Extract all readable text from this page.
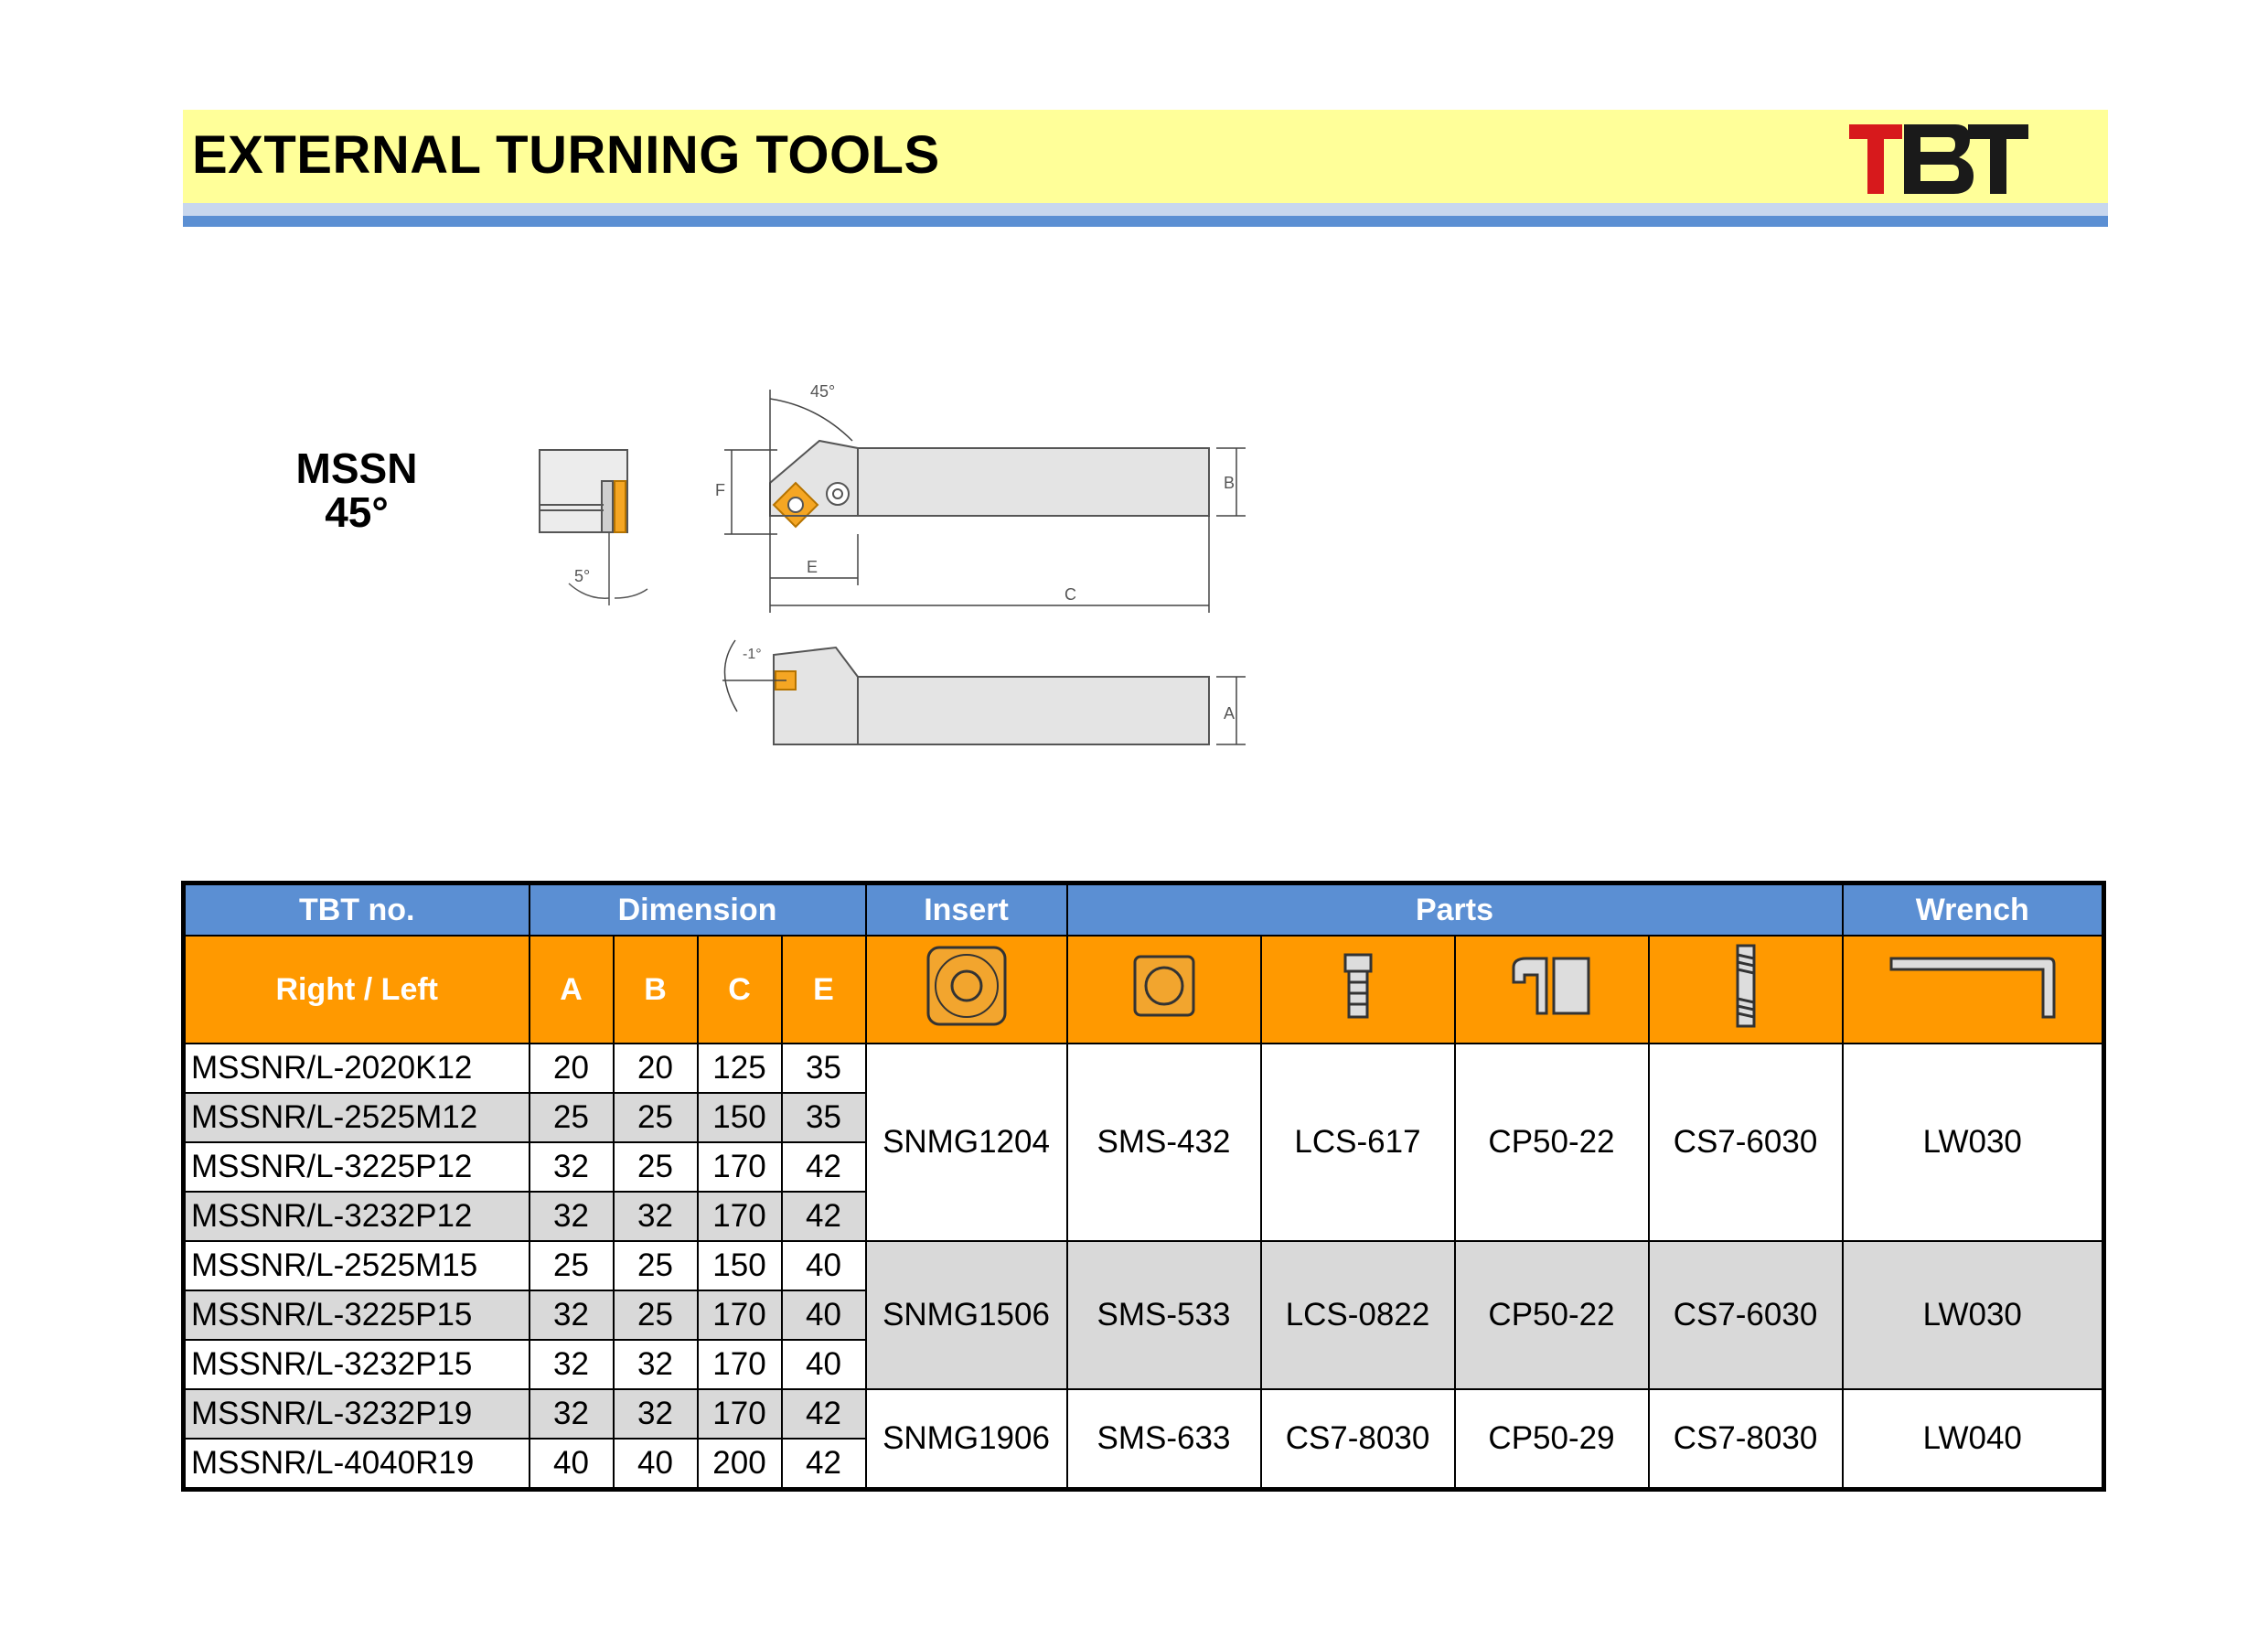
EXTERNAL TURNING TOOLS
MSSN
45°
5°
45°
F
E
C
B
-1°
A
TBT no.	Dimension				Insert	Parts				Wrench
Right / Left	A	B	C	E						
MSSNR/L-2020K12	20	20	125	35	SNMG1204	SMS-432	LCS-617	CP50-22	CS7-6030	LW030
MSSNR/L-2525M12	25	25	150	35						
MSSNR/L-3225P12	32	25	170	42						
MSSNR/L-3232P12	32	32	170	42						
MSSNR/L-2525M15	25	25	150	40	SNMG1506	SMS-533	LCS-0822	CP50-22	CS7-6030	LW030
MSSNR/L-3225P15	32	25	170	40						
MSSNR/L-3232P15	32	32	170	40						
MSSNR/L-3232P19	32	32	170	42	SNMG1906	SMS-633	CS7-8030	CP50-29	CS7-8030	LW040
MSSNR/L-4040R19	40	40	200	42						
